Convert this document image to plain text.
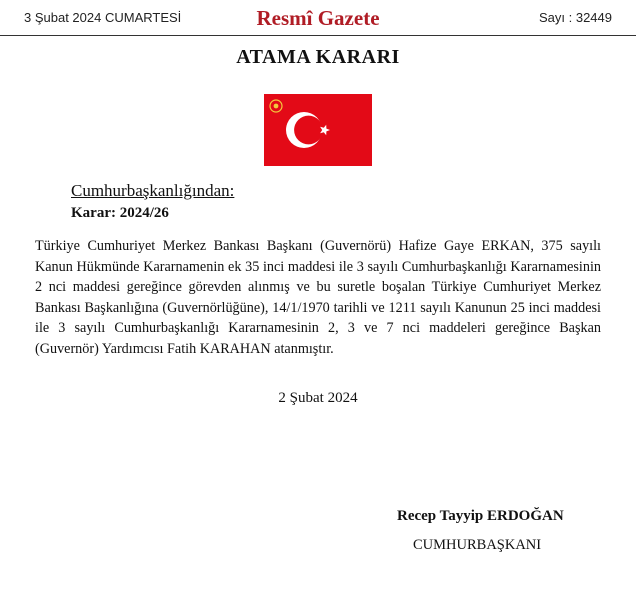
3 Şubat 2024 CUMARTESİ	Resmî Gazete	Sayı : 32449
ATAMA KARARI
Cumhurbaşkanlığından:
Karar: 2024/26
Türkiye Cumhuriyet Merkez Bankası Başkanı (Guvernörü) Hafize Gaye ERKAN, 375 sayılı Kanun Hükmünde Kararnamenin ek 35 inci maddesi ile 3 sayılı Cumhurbaşkanlığı Kararnamesinin 2 nci maddesi gereğince görevden alınmış ve bu suretle boşalan Türkiye Cumhuriyet Merkez Bankası Başkanlığına (Guvernörlüğüne), 14/1/1970 tarihli ve 1211 sayılı Kanunun 25 inci maddesi ile 3 sayılı Cumhurbaşkanlığı Kararnamesinin 2, 3 ve 7 nci maddeleri gereğince Başkan (Guvernör) Yardımcısı Fatih KARAHAN atanmıştır.
2 Şubat 2024
Recep Tayyip ERDOĞAN
CUMHURBAŞKANI
